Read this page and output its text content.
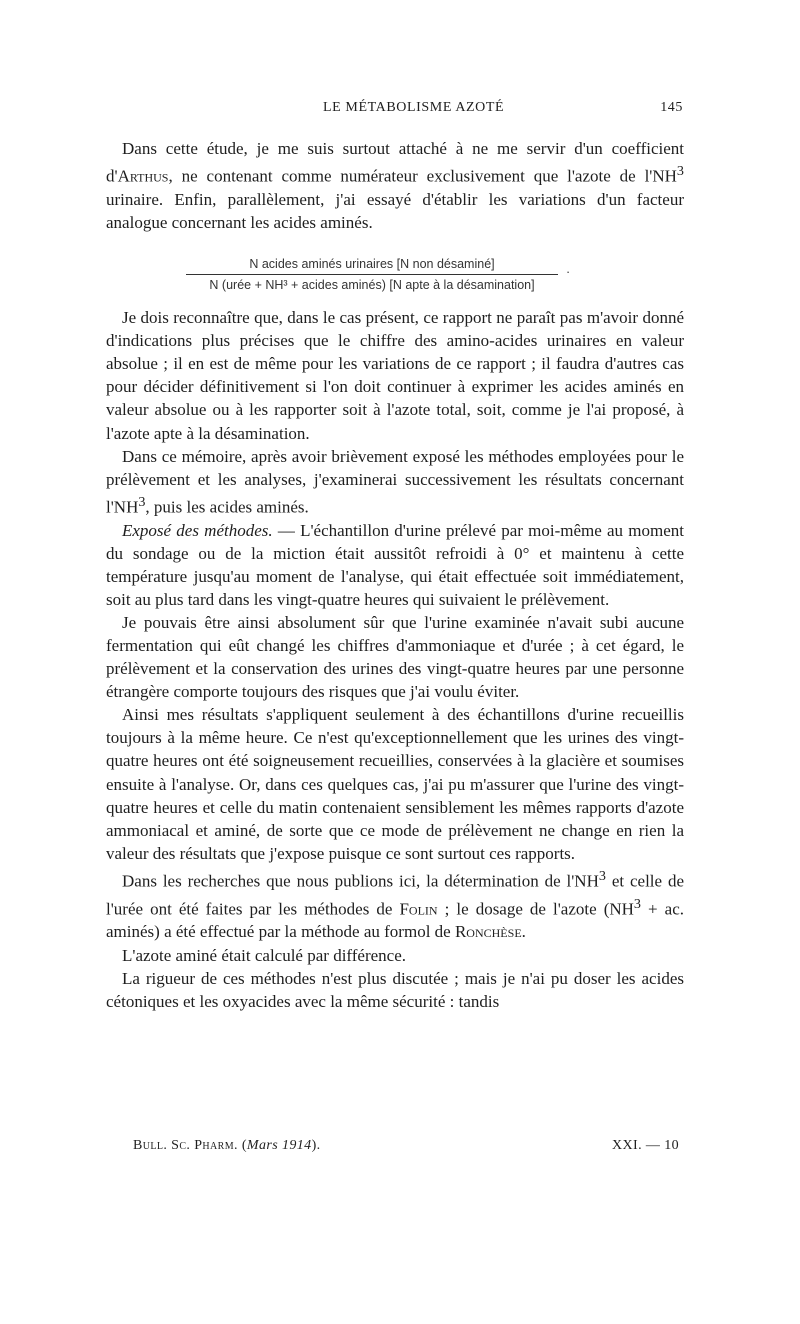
LE MÉTABOLISME AZOTÉ	145

Dans cette étude, je me suis surtout attaché à ne me servir d'un coefficient d'Arthus, ne contenant comme numérateur exclusivement que l'azote de $l'NH^3$ urinaire. Enfin, parallèlement, j'ai essayé d'établir les variations d'un facteur analogue concernant les acides aminés.

N acides aminés urinaires [N non désaminé]
N (urée + NH³ + acides aminés) [N apte à la désamination]
·

Je dois reconnaître que, dans le cas présent, ce rapport ne paraît pas m'avoir donné d'indications plus précises que le chiffre des amino-acides urinaires en valeur absolue ; il en est de même pour les variations de ce rapport ; il faudra d'autres cas pour décider définitivement si l'on doit continuer à exprimer les acides aminés en valeur absolue ou à les rapporter soit à l'azote total, soit, comme je l'ai proposé, à l'azote apte à la désamination.

Dans ce mémoire, après avoir brièvement exposé les méthodes employées pour le prélèvement et les analyses, j'examinerai successivement les résultats concernant $l'NH^3$, puis les acides aminés.

Exposé des méthodes. — L'échantillon d'urine prélevé par moi-même au moment du sondage ou de la miction était aussitôt refroidi à 0° et maintenu à cette température jusqu'au moment de l'analyse, qui était effectuée soit immédiatement, soit au plus tard dans les vingt-quatre heures qui suivaient le prélèvement.

Je pouvais être ainsi absolument sûr que l'urine examinée n'avait subi aucune fermentation qui eût changé les chiffres d'ammoniaque et d'urée ; à cet égard, le prélèvement et la conservation des urines des vingt-quatre heures par une personne étrangère comporte toujours des risques que j'ai voulu éviter.

Ainsi mes résultats s'appliquent seulement à des échantillons d'urine recueillis toujours à la même heure. Ce n'est qu'exceptionnellement que les urines des vingt-quatre heures ont été soigneusement recueillies, conservées à la glacière et soumises ensuite à l'analyse. Or, dans ces quelques cas, j'ai pu m'assurer que l'urine des vingt-quatre heures et celle du matin contenaient sensiblement les mêmes rapports d'azote ammoniacal et aminé, de sorte que ce mode de prélèvement ne change en rien la valeur des résultats que j'expose puisque ce sont surtout ces rapports.

Dans les recherches que nous publions ici, la détermination de $l'NH^3$ et celle de l'urée ont été faites par les méthodes de Folin ; le dosage de l'azote ($NH^3$ + ac. aminés) a été effectué par la méthode au formol de Ronchèse.

L'azote aminé était calculé par différence.

La rigueur de ces méthodes n'est plus discutée ; mais je n'ai pu doser les acides cétoniques et les oxyacides avec la même sécurité : tandis

Bull. Sc. Pharm. (Mars 1914).	XXI. — 10
